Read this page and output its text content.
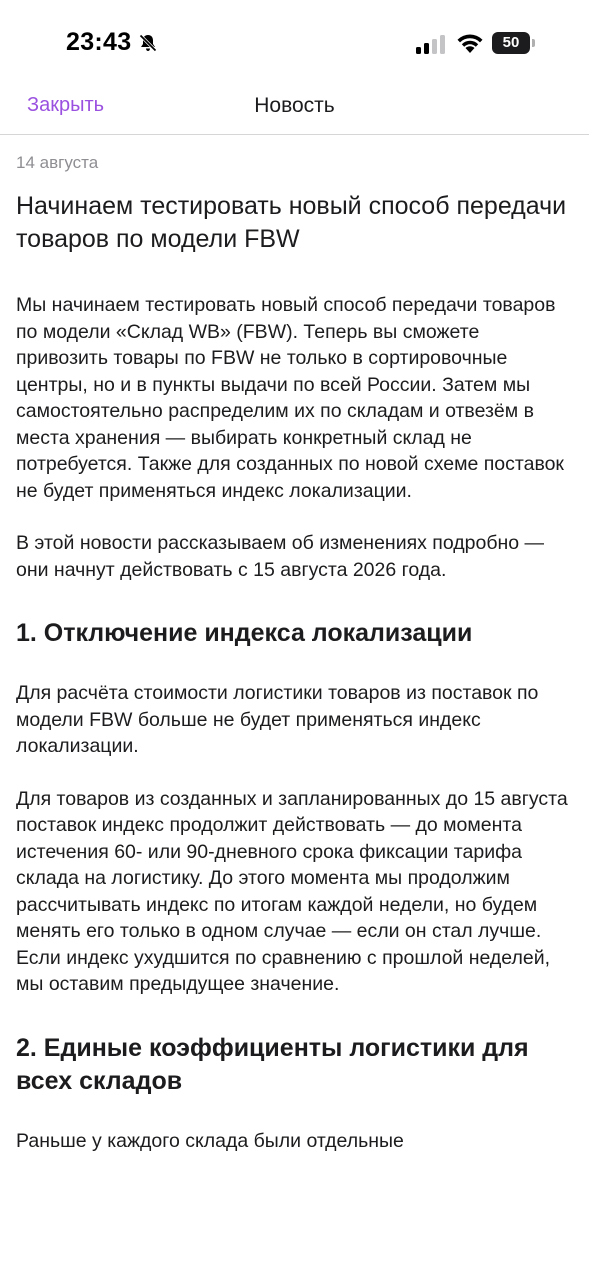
23:43	50
Закрыть	Новость
14 августа
Начинаем тестировать новый способ передачи товаров по модели FBW

Мы начинаем тестировать новый способ передачи товаров по модели «Склад WB» (FBW). Теперь вы сможете привозить товары по FBW не только в сортировочные центры, но и в пункты выдачи по всей России. Затем мы самостоятельно распределим их по складам и отвезём в места хранения — выбирать конкретный склад не потребуется. Также для созданных по новой схеме поставок не будет применяться индекс локализации.

В этой новости рассказываем об изменениях подробно — они начнут действовать с 15 августа 2026 года.

1. Отключение индекса локализации

Для расчёта стоимости логистики товаров из поставок по модели FBW больше не будет применяться индекс локализации.

Для товаров из созданных и запланированных до 15 августа поставок индекс продолжит действовать — до момента истечения 60- или 90-дневного срока фиксации тарифа склада на логистику. До этого момента мы продолжим рассчитывать индекс по итогам каждой недели, но будем менять его только в одном случае — если он стал лучше. Если индекс ухудшится по сравнению с прошлой неделей, мы оставим предыдущее значение.

2. Единые коэффициенты логистики для всех складов

Раньше у каждого склада были отдельные
